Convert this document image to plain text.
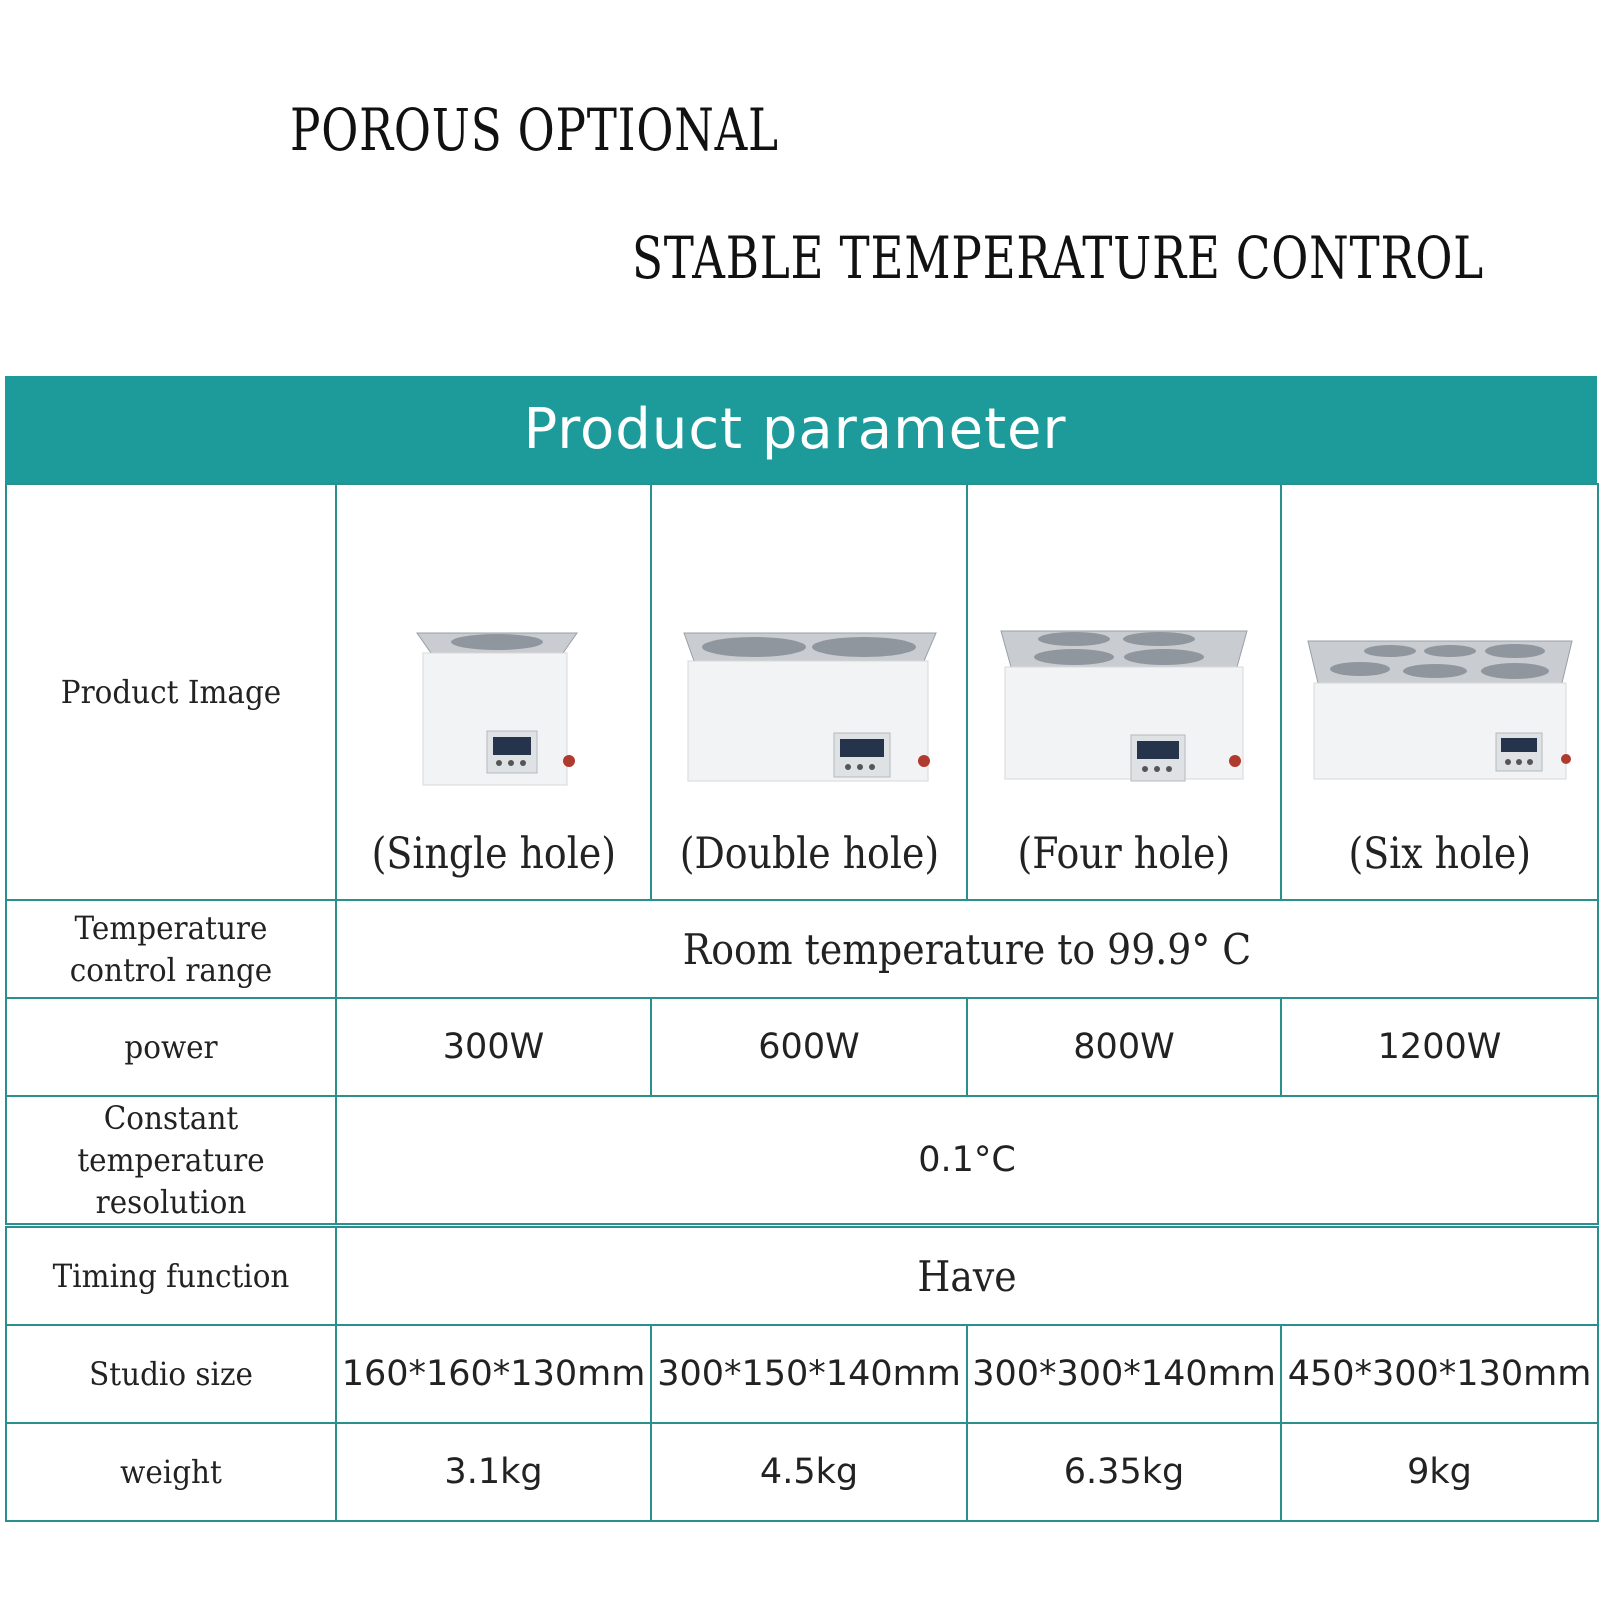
POROUS OPTIONAL
STABLE TEMPERATURE CONTROL
Product parameter
Product Image	(Single hole)	(Double hole)	(Four hole)	(Six hole)

Temperature control range	Room temperature to 99.9° C			

power	300W	600W	800W	1200W

Constant temperature resolution	0.1°C			

Timing function	Have			

Studio size	160*160*130mm	300*150*140mm	300*300*140mm	450*300*130mm

weight	3.1kg	4.5kg	6.35kg	9kg
